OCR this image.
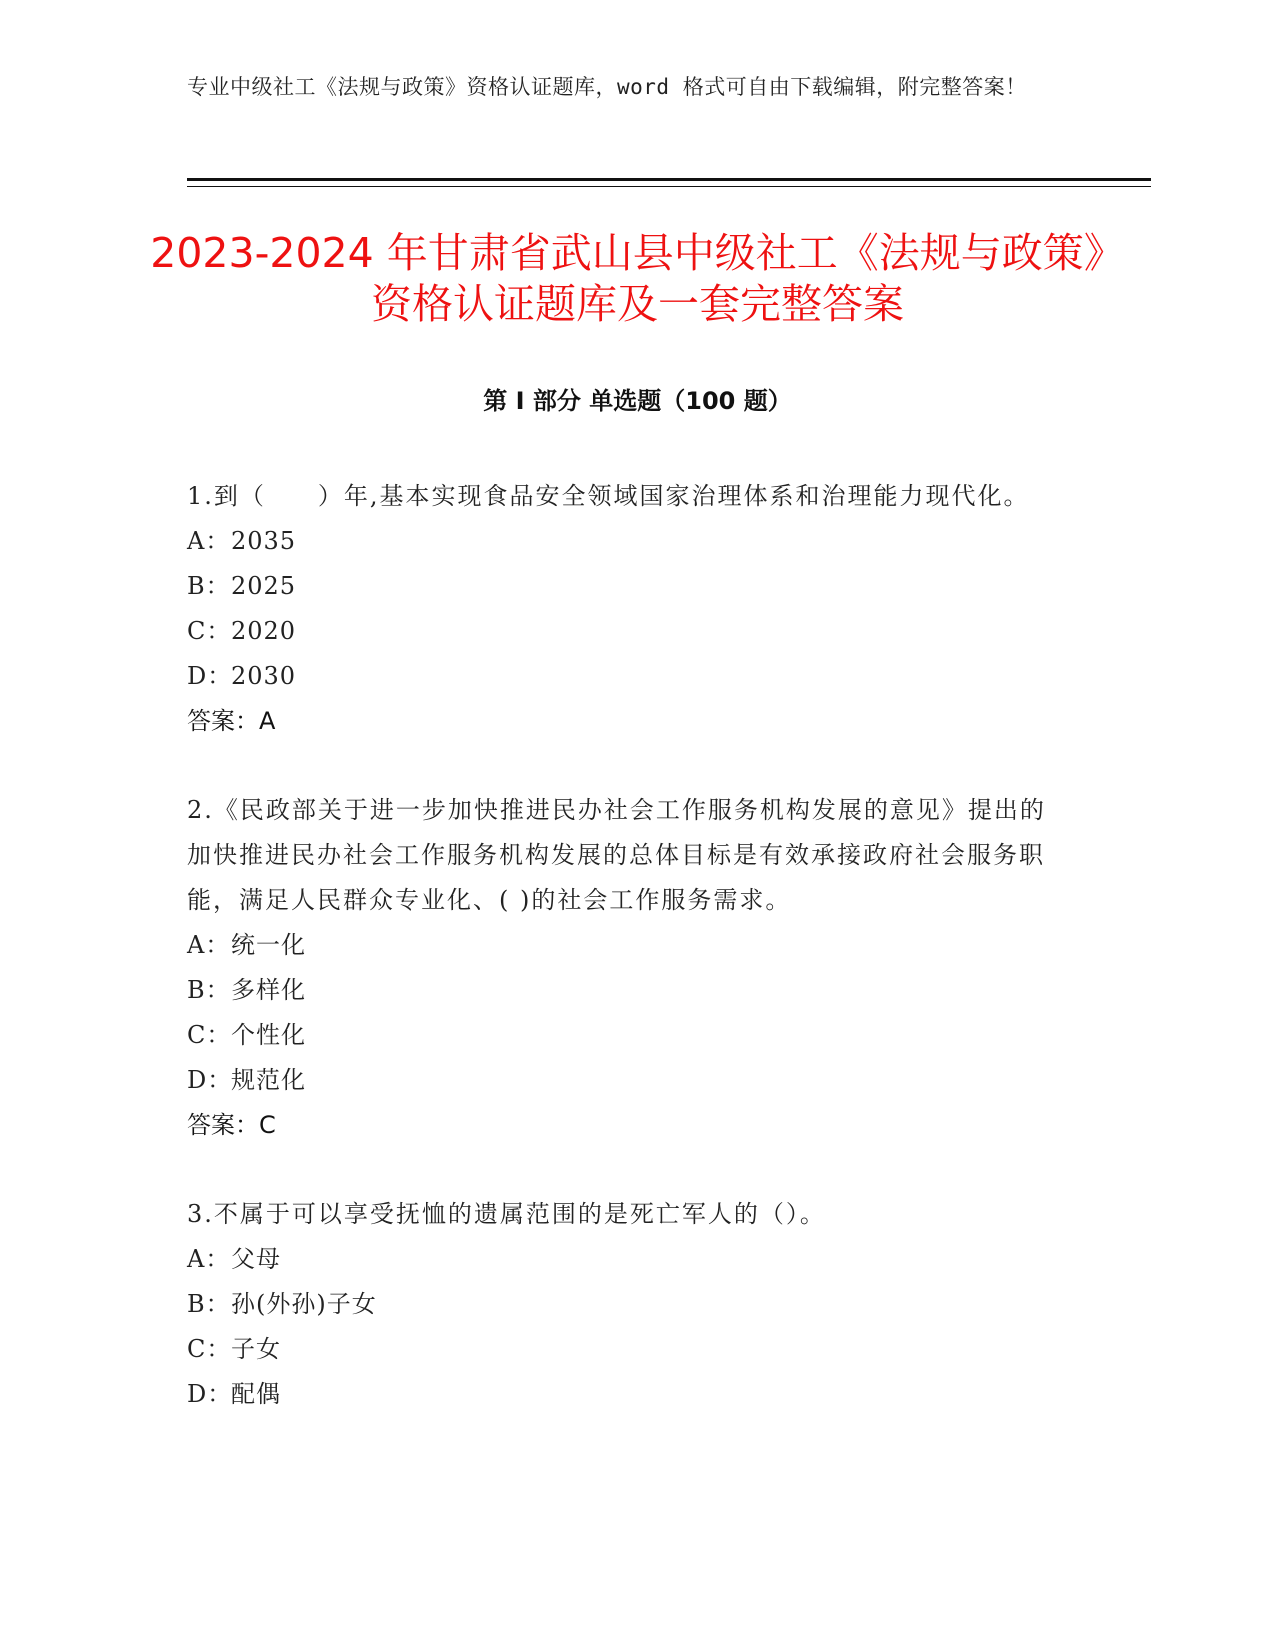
专业中级社工《法规与政策》资格认证题库，word 格式可自由下载编辑，附完整答案！
2023-2024 年甘肃省武山县中级社工《法规与政策》资格认证题库及一套完整答案
第 I 部分 单选题（100 题）

1.到（　　）年,基本实现食品安全领域国家治理体系和治理能力现代化。

A：2035
B：2025
C：2020
D：2030

答案：A

2.《民政部关于进一步加快推进民办社会工作服务机构发展的意见》提出的加快推进民办社会工作服务机构发展的总体目标是有效承接政府社会服务职能，满足人民群众专业化、( )的社会工作服务需求。

A：统一化
B：多样化
C：个性化
D：规范化

答案：C

3.不属于可以享受抚恤的遗属范围的是死亡军人的（）。

A：父母
B：孙(外孙)子女
C：子女
D：配偶
